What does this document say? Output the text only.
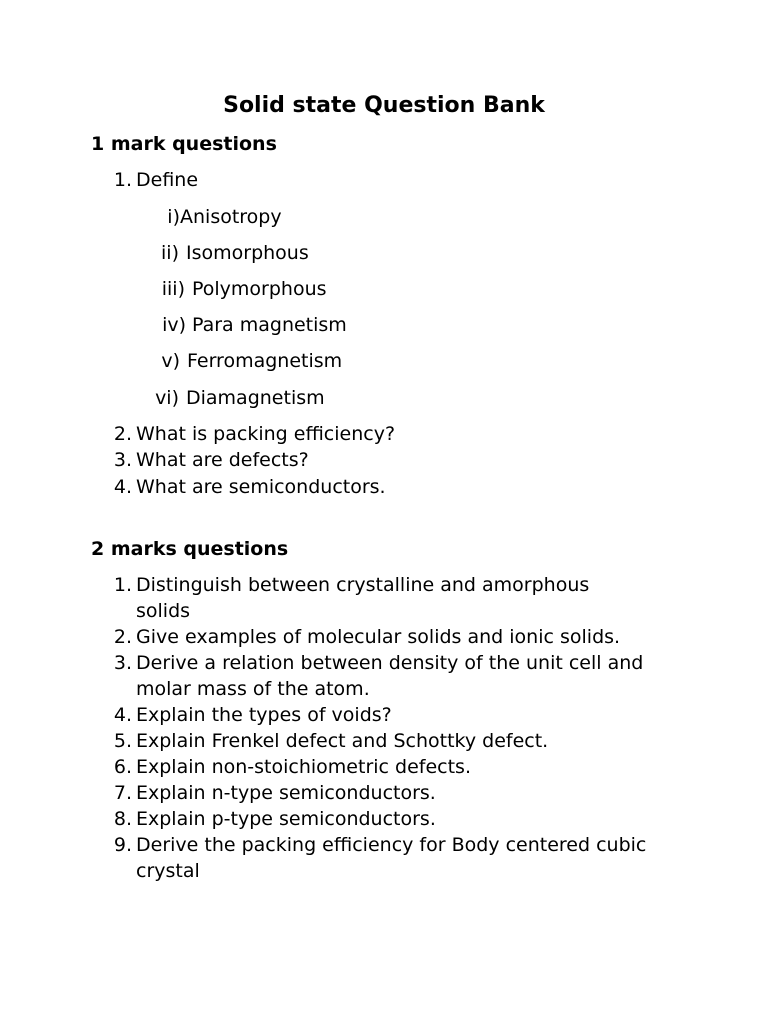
Solid state Question Bank
1 mark questions
1. Define
i) Anisotropy
ii) Isomorphous
iii) Polymorphous
iv) Para magnetism
v) Ferromagnetism
vi) Diamagnetism
2. What is packing efficiency?
3. What are defects?
4. What are semiconductors.
2 marks questions
1. Distinguish between crystalline and amorphous
solids
2. Give examples of molecular solids and ionic solids.
3. Derive a relation between density of the unit cell and
molar mass of the atom.
4. Explain the types of voids?
5. Explain Frenkel defect and Schottky defect.
6. Explain non-stoichiometric defects.
7. Explain n-type semiconductors.
8. Explain p-type semiconductors.
9. Derive the packing efficiency for Body centered cubic
crystal
